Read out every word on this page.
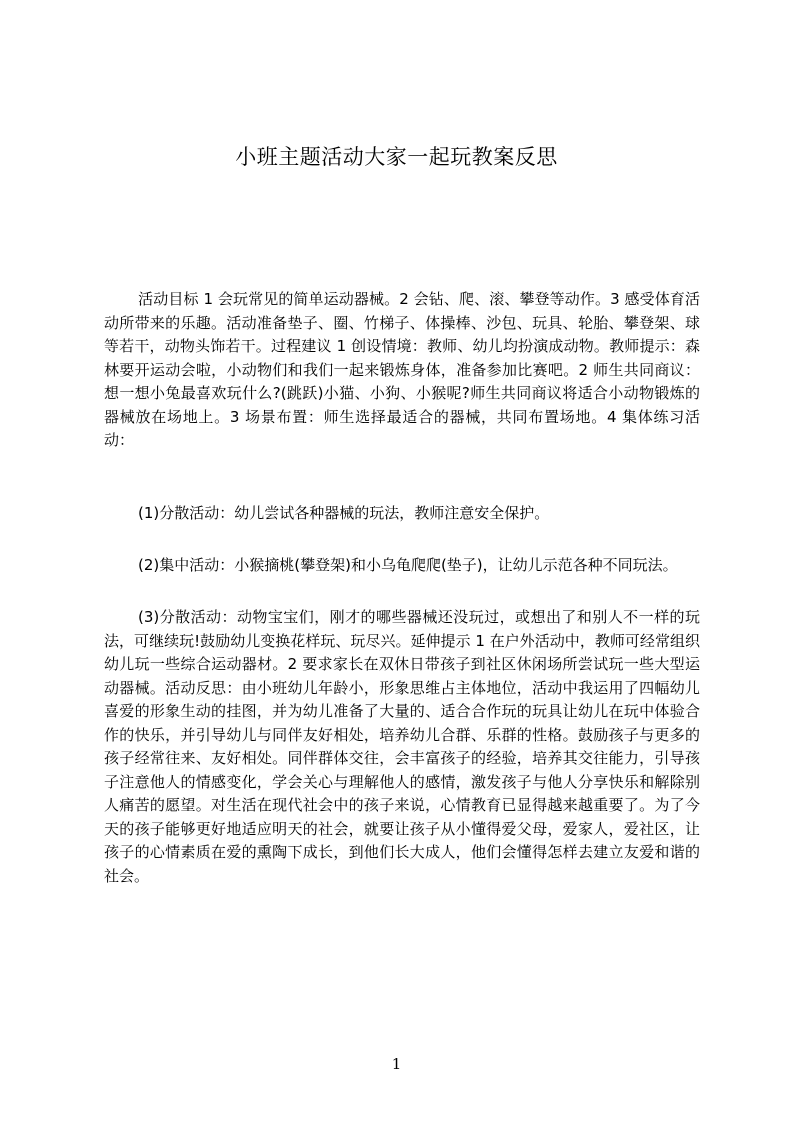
小班主题活动大家一起玩教案反思

活动目标 1 会玩常见的简单运动器械。2 会钻、爬、滚、攀登等动作。3 感受体育活动所带来的乐趣。活动准备垫子、圈、竹梯子、体操棒、沙包、玩具、轮胎、攀登架、球等若干，动物头饰若干。过程建议 1 创设情境：教师、幼儿均扮演成动物。教师提示：森林要开运动会啦，小动物们和我们一起来锻炼身体，准备参加比赛吧。2 师生共同商议：想一想小兔最喜欢玩什么?(跳跃)小猫、小狗、小猴呢?师生共同商议将适合小动物锻炼的器械放在场地上。3 场景布置：师生选择最适合的器械，共同布置场地。4 集体练习活动：

(1)分散活动：幼儿尝试各种器械的玩法，教师注意安全保护。

(2)集中活动：小猴摘桃(攀登架)和小乌龟爬爬(垫子)，让幼儿示范各种不同玩法。

(3)分散活动：动物宝宝们，刚才的哪些器械还没玩过，或想出了和别人不一样的玩法，可继续玩!鼓励幼儿变换花样玩、玩尽兴。延伸提示 1 在户外活动中，教师可经常组织幼儿玩一些综合运动器材。2 要求家长在双休日带孩子到社区休闲场所尝试玩一些大型运动器械。活动反思：由小班幼儿年龄小，形象思维占主体地位，活动中我运用了四幅幼儿喜爱的形象生动的挂图，并为幼儿准备了大量的、适合合作玩的玩具让幼儿在玩中体验合作的快乐，并引导幼儿与同伴友好相处，培养幼儿合群、乐群的性格。鼓励孩子与更多的孩子经常往来、友好相处。同伴群体交往，会丰富孩子的经验，培养其交往能力，引导孩子注意他人的情感变化，学会关心与理解他人的感情，激发孩子与他人分享快乐和解除别人痛苦的愿望。对生活在现代社会中的孩子来说，心情教育已显得越来越重要了。为了今天的孩子能够更好地适应明天的社会，就要让孩子从小懂得爱父母，爱家人，爱社区，让孩子的心情素质在爱的熏陶下成长，到他们长大成人，他们会懂得怎样去建立友爱和谐的社会。

1
